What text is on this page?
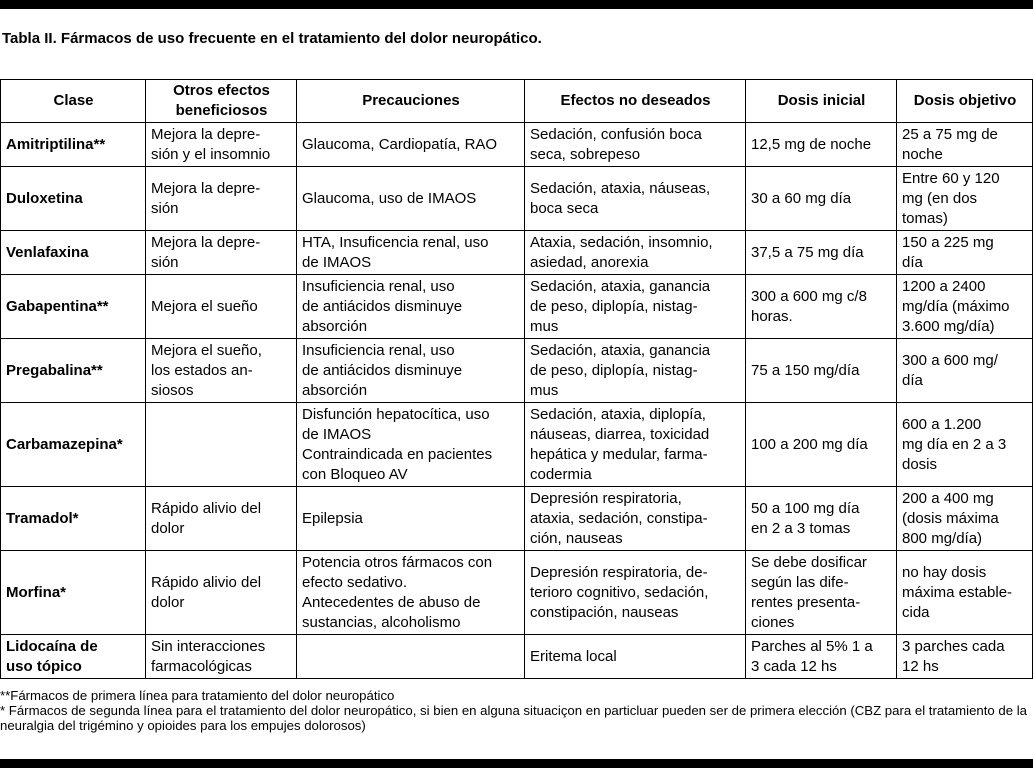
Tabla II. Fármacos de uso frecuente en el tratamiento del dolor neuropático.
Clase	Otros efectos
beneficiosos	Precauciones	Efectos no deseados	Dosis inicial	Dosis objetivo

Amitriptilina**	Mejora la depre-
sión y el insomnio	Glaucoma, Cardiopatía, RAO	Sedación, confusión boca
seca, sobrepeso	12,5 mg de noche	25 a 75 mg de
noche

Duloxetina	Mejora la depre-
sión	Glaucoma, uso de IMAOS	Sedación, ataxia, náuseas,
boca seca	30 a 60 mg día	Entre 60 y 120
mg (en dos
tomas)

Venlafaxina	Mejora la depre-
sión	HTA, Insuficencia renal, uso
de IMAOS	Ataxia, sedación, insomnio,
asiedad, anorexia	37,5 a 75 mg día	150 a 225 mg
día

Gabapentina**	Mejora el sueño	Insuficiencia renal, uso
de antiácidos disminuye
absorción	Sedación, ataxia, ganancia
de peso, diplopía, nistag-
mus	300 a 600 mg c/8
horas.	1200 a 2400
mg/día (máximo
3.600 mg/día)

Pregabalina**	Mejora el sueño,
los estados an-
siosos	Insuficiencia renal, uso
de antiácidos disminuye
absorción	Sedación, ataxia, ganancia
de peso, diplopía, nistag-
mus	75 a 150 mg/día	300 a 600 mg/
día

Carbamazepina*		Disfunción hepatocítica, uso
de IMAOS
Contraindicada en pacientes
con Bloqueo AV	Sedación, ataxia, diplopía,
náuseas, diarrea, toxicidad
hepática y medular, farma-
codermia	100 a 200 mg día	600 a 1.200
mg día en 2 a 3
dosis

Tramadol*	Rápido alivio del
dolor	Epilepsia	Depresión respiratoria,
ataxia, sedación, constipa-
ción, nauseas	50 a 100 mg día
en 2 a 3 tomas	200 a 400 mg
(dosis máxima
800 mg/día)

Morfina*	Rápido alivio del
dolor	Potencia otros fármacos con
efecto sedativo.
Antecedentes de abuso de
sustancias, alcoholismo	Depresión respiratoria, de-
terioro cognitivo, sedación,
constipación, nauseas	Se debe dosificar
según las dife-
rentes presenta-
ciones	no hay dosis
máxima estable-
cida

Lidocaína de
uso tópico	Sin interacciones
farmacológicas		Eritema local	Parches al 5% 1 a
3 cada 12 hs	3 parches cada
12 hs
**Fármacos de primera línea para tratamiento del dolor neuropático
* Fármacos de segunda línea para el tratamiento del dolor neuropático, si bien en alguna situaciçon en particluar pueden ser de primera elección (CBZ para el tratamiento de la neuralgia del trigémino y opioides para los empujes dolorosos)
